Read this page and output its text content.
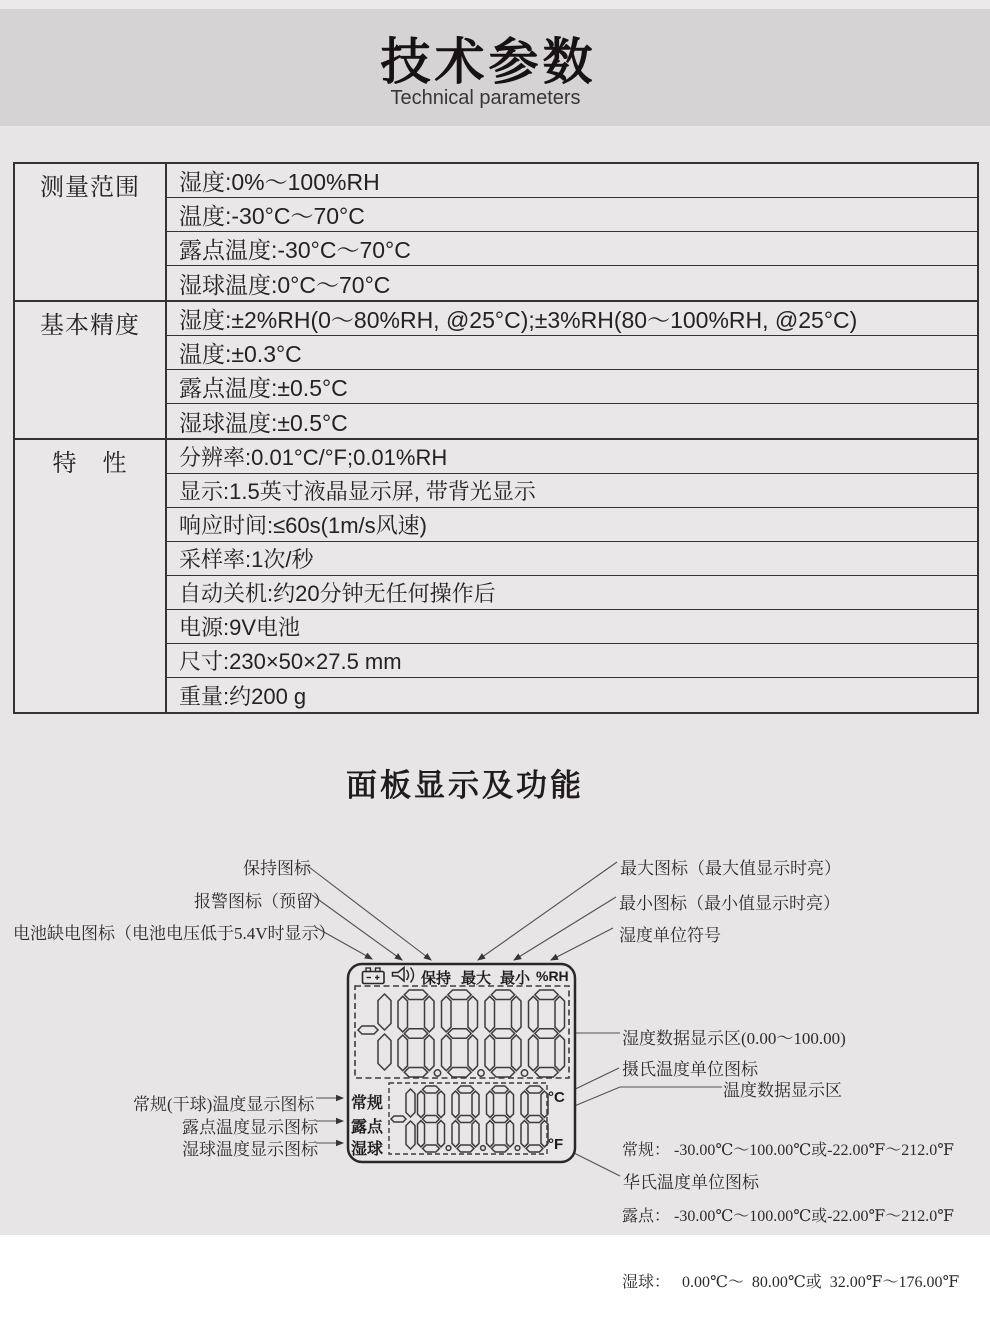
技术参数
Technical parameters
测量范围	湿度:0%～100%RH
温度:-30°C～70°C
露点温度:-30°C～70°C
湿球温度:0°C～70°C
基本精度	湿度:±2%RH(0～80%RH, @25°C);±3%RH(80～100%RH, @25°C)
温度:±0.3°C
露点温度:±0.5°C
湿球温度:±0.5°C
特　性	分辨率:0.01°C/°F;0.01%RH
显示:1.5英寸液晶显示屏, 带背光显示
响应时间:≤60s(1m/s风速)
采样率:1次/秒
自动关机:约20分钟无任何操作后
电源:9V电池
尺寸:230×50×27.5 mm
重量:约200 g
面板显示及功能
保持图标
报警图标（预留）
电池缺电图标（电池电压低于5.4V时显示）
最大图标（最大值显示时亮）
最小图标（最小值显示时亮）
湿度单位符号
湿度数据显示区(0.00～100.00)
摄氏温度单位图标
温度数据显示区

常规： -30.00℃～100.00℃或-22.00℉～212.0℉

露点： -30.00℃～100.00℃或-22.00℉～212.0℉

湿球：   0.00℃～  80.00℃或  32.00℉～176.00℉

华氏温度单位图标
常规(干球)温度显示图标
露点温度显示图标
湿球温度显示图标
保持 最大 最小 %RH
常规
露点
湿球
°C
°F
